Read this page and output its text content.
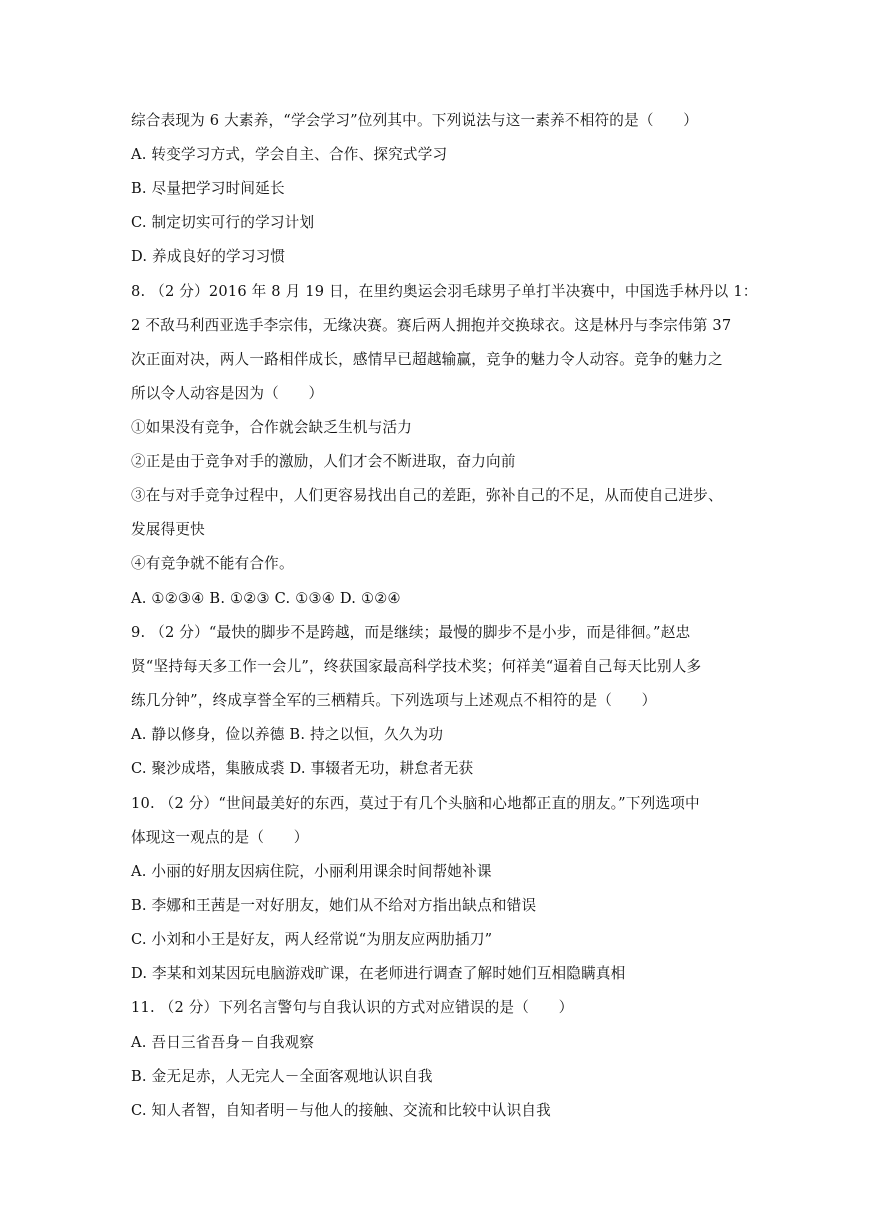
综合表现为 6 大素养，“学会学习”位列其中。下列说法与这一素养不相符的是（　　）
A. 转变学习方式，学会自主、合作、探究式学习
B. 尽量把学习时间延长
C. 制定切实可行的学习计划
D. 养成良好的学习习惯
8. （2 分）2016 年 8 月 19 日，在里约奥运会羽毛球男子单打半决赛中，中国选手林丹以 1：
2 不敌马利西亚选手李宗伟，无缘决赛。赛后两人拥抱并交换球衣。这是林丹与李宗伟第 37
次正面对决，两人一路相伴成长，感情早已超越输赢，竞争的魅力令人动容。竞争的魅力之
所以令人动容是因为（　　）
①如果没有竞争，合作就会缺乏生机与活力
②正是由于竞争对手的激励，人们才会不断进取，奋力向前
③在与对手竞争过程中，人们更容易找出自己的差距，弥补自己的不足，从而使自己进步、
发展得更快
④有竞争就不能有合作。
A. ①②③④ B. ①②③ C. ①③④ D. ①②④
9. （2 分）“最快的脚步不是跨越，而是继续；最慢的脚步不是小步，而是徘徊。”赵忠
贤“坚持每天多工作一会儿”，终获国家最高科学技术奖；何祥美“逼着自己每天比别人多
练几分钟”，终成享誉全军的三栖精兵。下列选项与上述观点不相符的是（　　）
A. 静以修身，俭以养德 B. 持之以恒，久久为功
C. 聚沙成塔，集腋成裘 D. 事辍者无功，耕怠者无获
10. （2 分）“世间最美好的东西，莫过于有几个头脑和心地都正直的朋友。”下列选项中
体现这一观点的是（　　）
A. 小丽的好朋友因病住院，小丽利用课余时间帮她补课
B. 李娜和王茜是一对好朋友，她们从不给对方指出缺点和错误
C. 小刘和小王是好友，两人经常说“为朋友应两肋插刀”
D. 李某和刘某因玩电脑游戏旷课，在老师进行调查了解时她们互相隐瞒真相
11. （2 分）下列名言警句与自我认识的方式对应错误的是（　　）
A. 吾日三省吾身－自我观察
B. 金无足赤，人无完人－全面客观地认识自我
C. 知人者智，自知者明－与他人的接触、交流和比较中认识自我
